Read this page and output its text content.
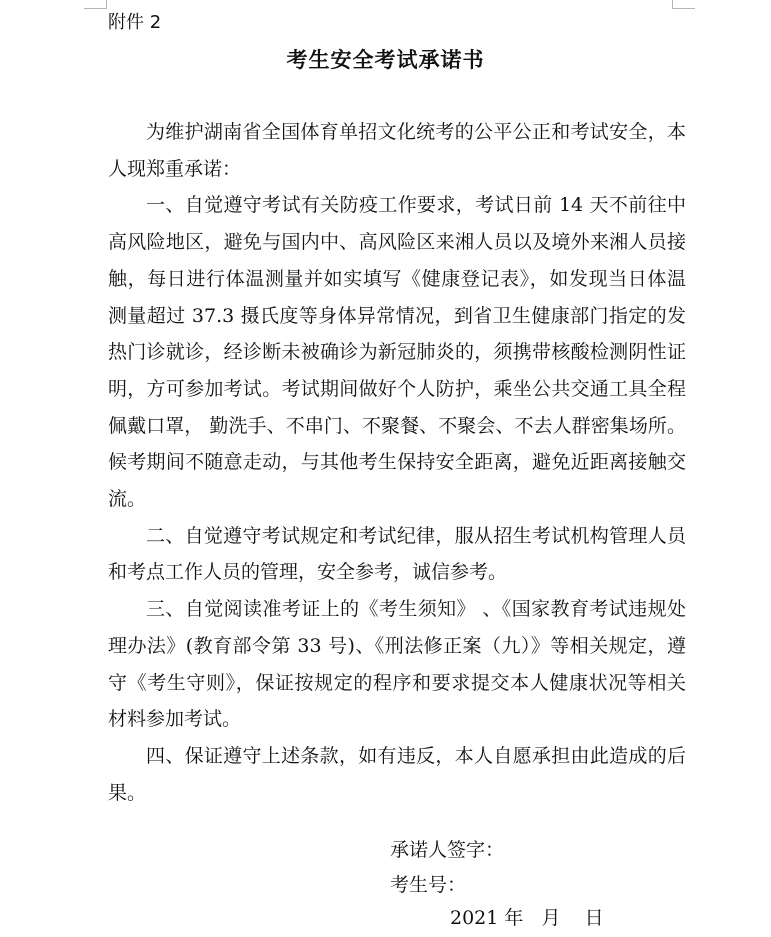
附件 2
考生安全考试承诺书

为维护湖南省全国体育单招文化统考的公平公正和考试安全，本人现郑重承诺：

一、自觉遵守考试有关防疫工作要求，考试日前 14 天不前往中高风险地区，避免与国内中、高风险区来湘人员以及境外来湘人员接触，每日进行体温测量并如实填写《健康登记表》，如发现当日体温测量超过 37.3 摄氏度等身体异常情况，到省卫生健康部门指定的发热门诊就诊，经诊断未被确诊为新冠肺炎的，须携带核酸检测阴性证明，方可参加考试。考试期间做好个人防护，乘坐公共交通工具全程佩戴口罩， 勤洗手、不串门、不聚餐、不聚会、不去人群密集场所。候考期间不随意走动，与其他考生保持安全距离，避免近距离接触交流。

二、自觉遵守考试规定和考试纪律，服从招生考试机构管理人员和考点工作人员的管理，安全参考，诚信参考。

三、自觉阅读准考证上的《考生须知》 、《国家教育考试违规处理办法》(教育部令第 33 号)、《刑法修正案（九）》等相关规定，遵守《考生守则》，保证按规定的程序和要求提交本人健康状况等相关材料参加考试。

四、保证遵守上述条款，如有违反，本人自愿承担由此造成的后果。

承诺人签字：
考生号：
2021 年   月    日
